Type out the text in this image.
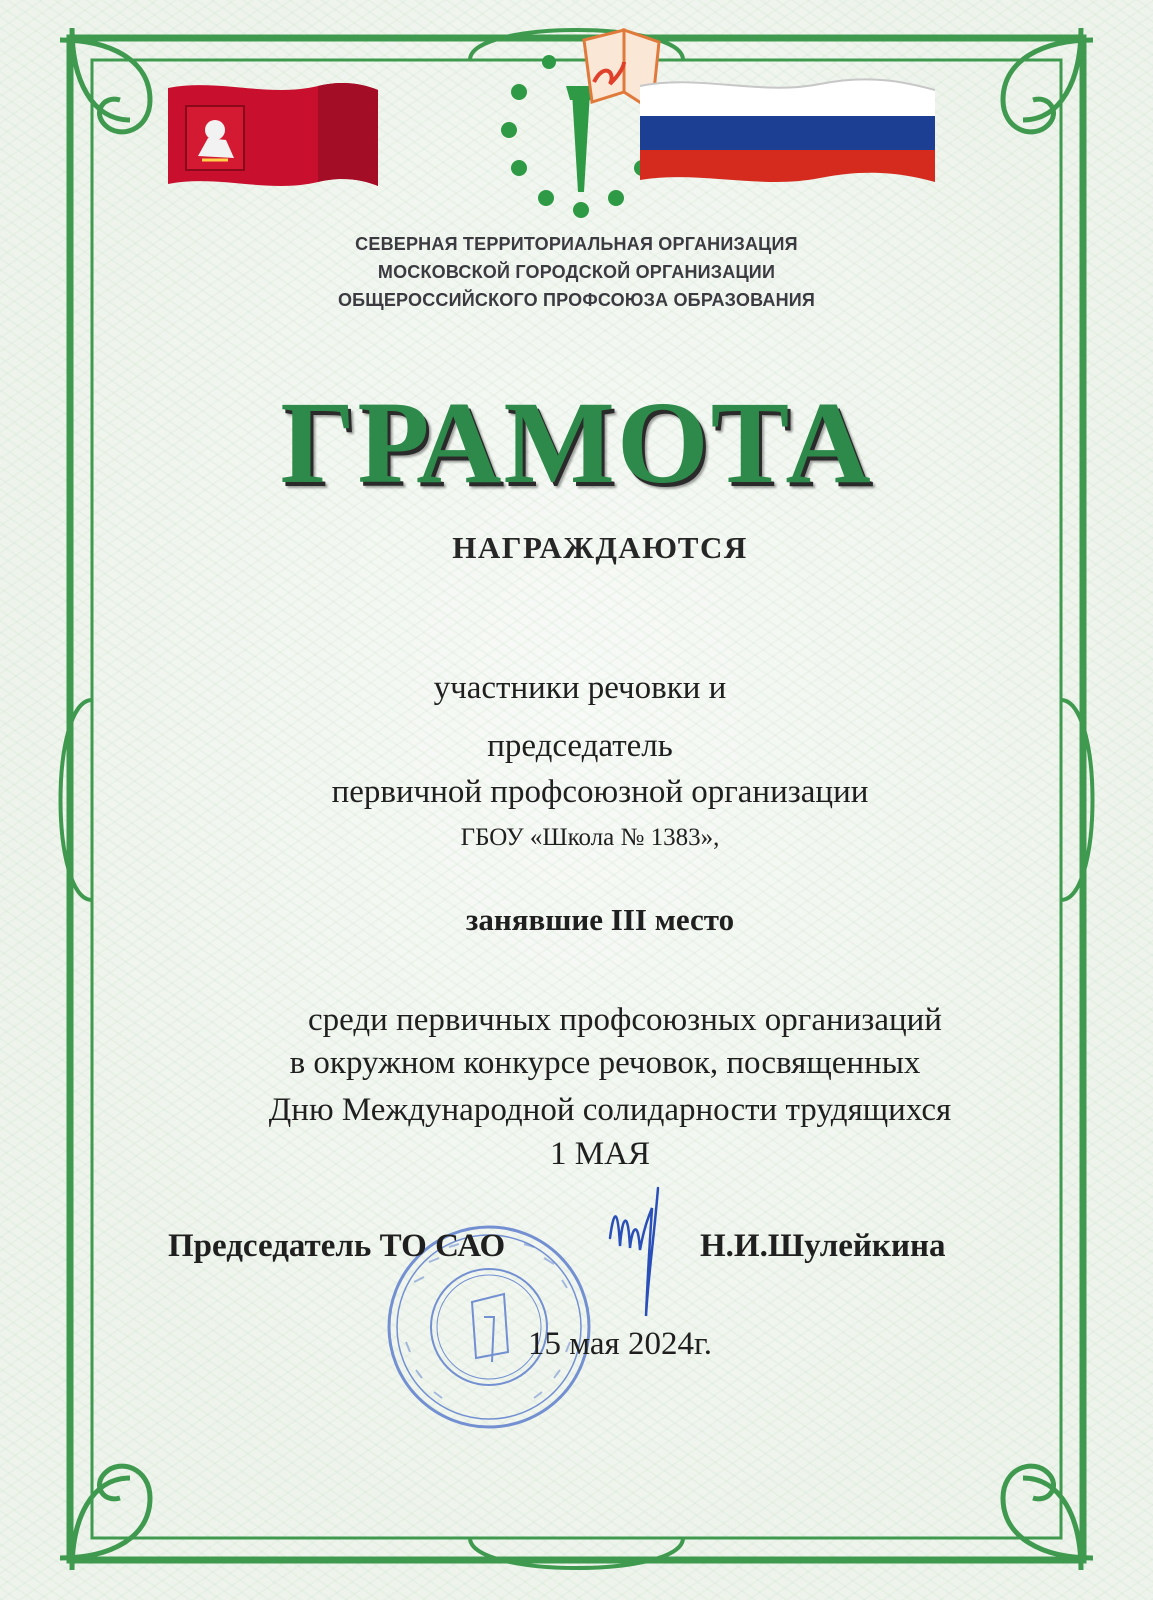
СЕВЕРНАЯ ТЕРРИТОРИАЛЬНАЯ ОРГАНИЗАЦИЯ
МОСКОВСКОЙ ГОРОДСКОЙ ОРГАНИЗАЦИИ
ОБЩЕРОССИЙСКОГО ПРОФСОЮЗА ОБРАЗОВАНИЯ
ГРАМОТА
НАГРАЖДАЮТСЯ
участники речовки и
председатель
первичной профсоюзной организации
ГБОУ «Школа № 1383»,
занявшие III место
среди первичных профсоюзных организаций
в окружном конкурсе речовок, посвященных
Дню Международной солидарности трудящихся
1 МАЯ
Председатель ТО САО	Н.И.Шулейкина
15 мая 2024г.
